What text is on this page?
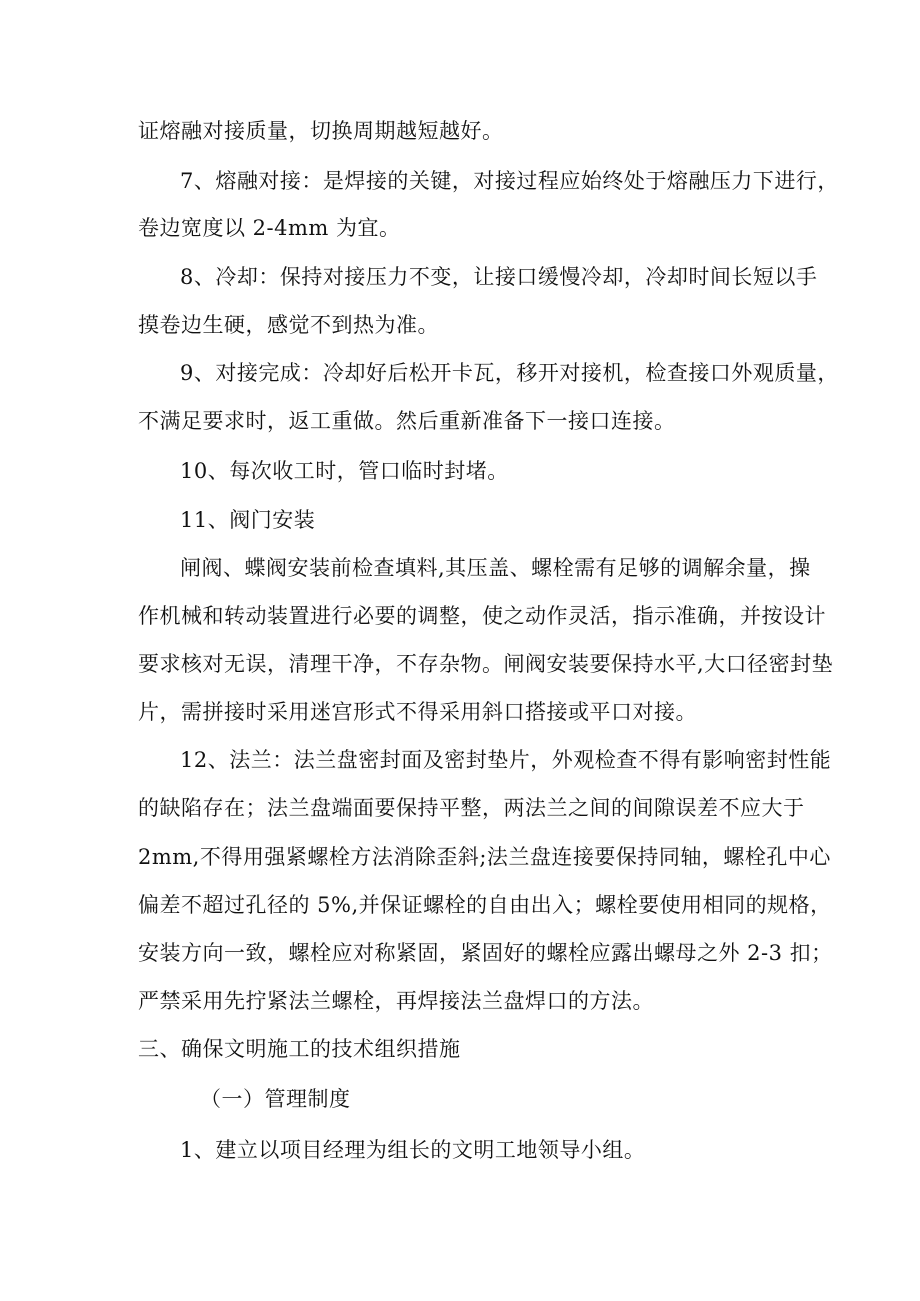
证熔融对接质量，切换周期越短越好。
7、熔融对接：是焊接的关键，对接过程应始终处于熔融压力下进行，
卷边宽度以 2-4mm 为宜。
8、冷却：保持对接压力不变，让接口缓慢冷却，冷却时间长短以手
摸卷边生硬，感觉不到热为准。
9、对接完成：冷却好后松开卡瓦，移开对接机，检查接口外观质量，
不满足要求时，返工重做。然后重新准备下一接口连接。
10、每次收工时，管口临时封堵。
11、阀门安装
闸阀、蝶阀安装前检查填料,其压盖、螺栓需有足够的调解余量，操
作机械和转动装置进行必要的调整，使之动作灵活，指示准确，并按设计
要求核对无误，清理干净，不存杂物。闸阀安装要保持水平,大口径密封垫
片，需拼接时采用迷宫形式不得采用斜口搭接或平口对接。
12、法兰：法兰盘密封面及密封垫片，外观检查不得有影响密封性能
的缺陷存在；法兰盘端面要保持平整，两法兰之间的间隙误差不应大于
2mm,不得用强紧螺栓方法消除歪斜;法兰盘连接要保持同轴，螺栓孔中心
偏差不超过孔径的 5%,并保证螺栓的自由出入；螺栓要使用相同的规格，
安装方向一致，螺栓应对称紧固，紧固好的螺栓应露出螺母之外 2-3 扣；
严禁采用先拧紧法兰螺栓，再焊接法兰盘焊口的方法。
三、确保文明施工的技术组织措施
（一）管理制度
1、建立以项目经理为组长的文明工地领导小组。
